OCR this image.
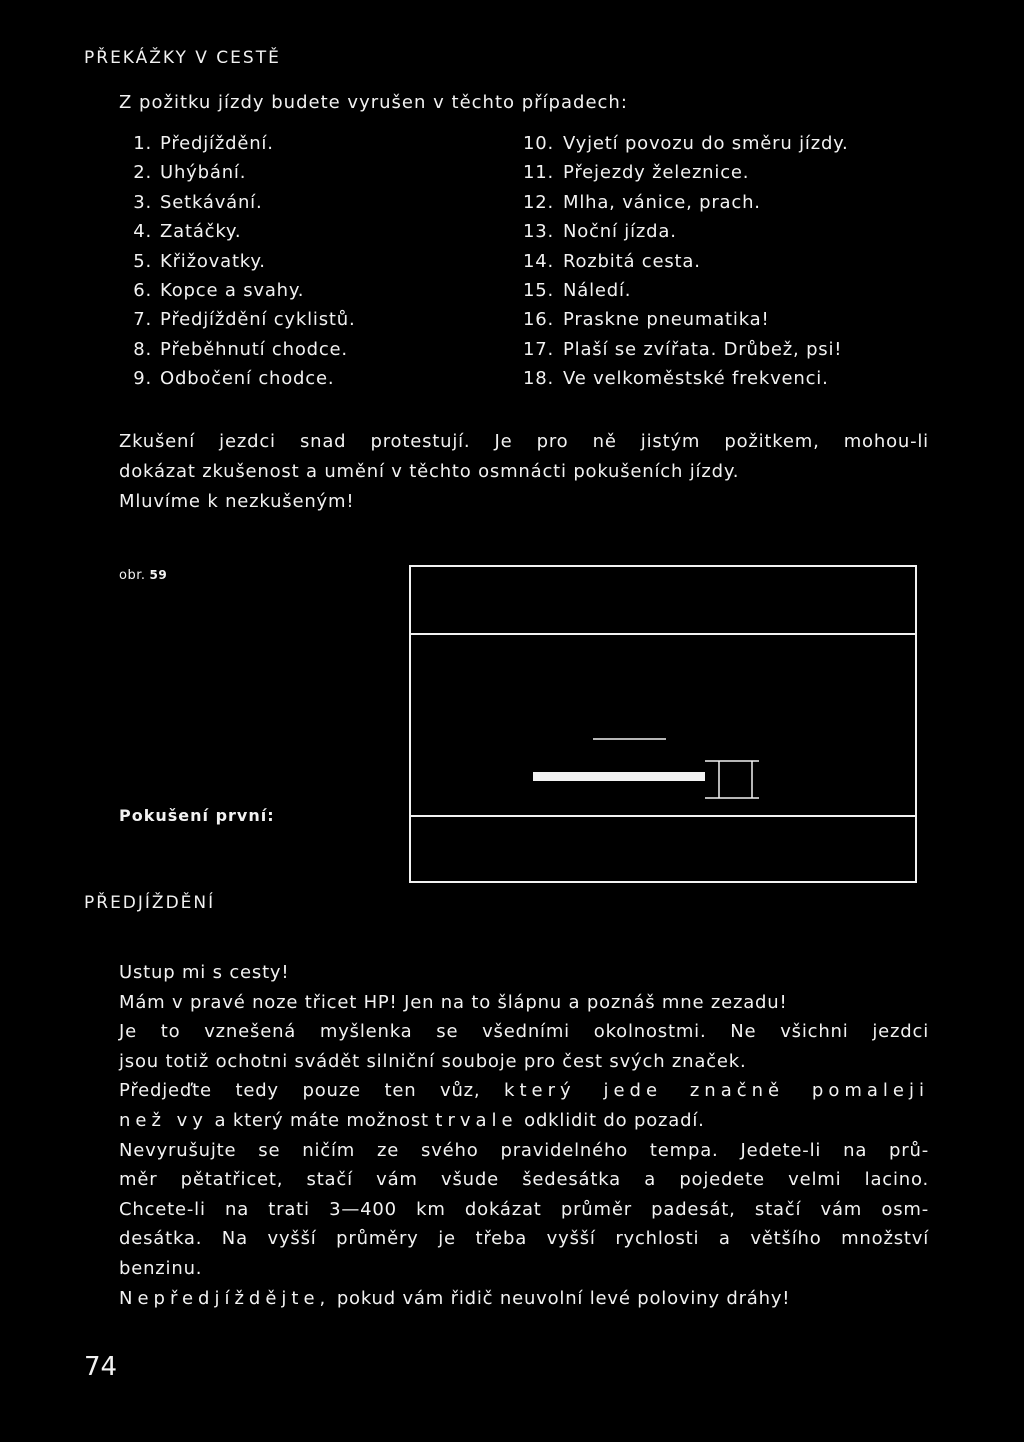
PŘEKÁŽKY V CESTĚ

Z požitku jízdy budete vyrušen v těchto případech:

1. Předjíždění.
2. Uhýbání.
3. Setkávání.
4. Zatáčky.
5. Křižovatky.
6. Kopce a svahy.
7. Předjíždění cyklistů.
8. Přeběhnutí chodce.
9. Odbočení chodce.
10. Vyjetí povozu do směru jízdy.
11. Přejezdy železnice.
12. Mlha, vánice, prach.
13. Noční jízda.
14. Rozbitá cesta.
15. Náledí.
16. Praskne pneumatika!
17. Plaší se zvířata. Drůbež, psi!
18. Ve velkoměstské frekvenci.

Zkušení jezdci snad protestují. Je pro ně jistým požitkem, mohou-li
dokázat zkušenost a umění v těchto osmnácti pokušeních jízdy.
Mluvíme k nezkušeným!

obr. 59
Pokušení první:
PŘEDJÍŽDĚNÍ

Ustup mi s cesty!
Mám v pravé noze třicet HP! Jen na to šlápnu a poznáš mne zezadu!
Je to vznešená myšlenka se všedními okolnostmi. Ne všichni jezdci
jsou totiž ochotni svádět silniční souboje pro čest svých značek.
Předjeďte tedy pouze ten vůz, který jede značně pomaleji
než vy a který máte možnost trvale odklidit do pozadí.
Nevyrušujte se ničím ze svého pravidelného tempa. Jedete-li na prů-
měr pětatřicet, stačí vám všude šedesátka a pojedete velmi lacino.
Chcete-li na trati 3—400 km dokázat průměr padesát, stačí vám osm-
desátka. Na vyšší průměry je třeba vyšší rychlosti a většího množství
benzinu.
Nepředjíždějte, pokud vám řidič neuvolní levé poloviny dráhy!

74
